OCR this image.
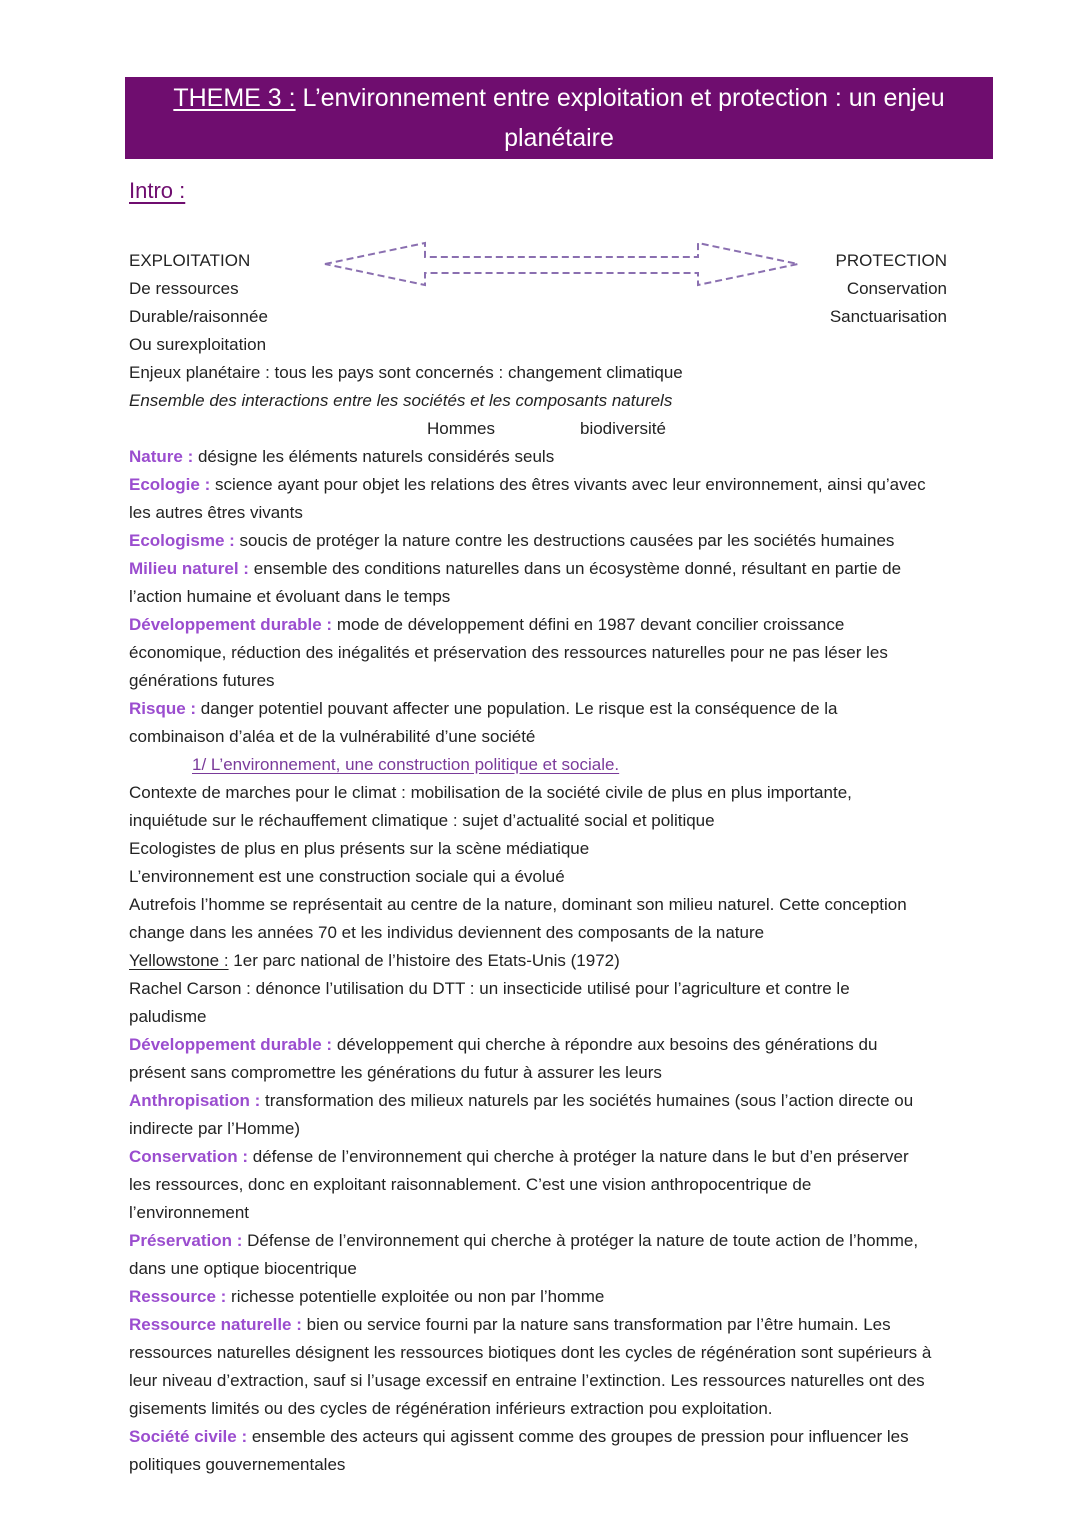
THEME 3 : L’environnement entre exploitation et protection : un enjeu
planétaire
Intro :
EXPLOITATION
De ressources
Durable/raisonnée
Ou surexploitation
PROTECTION
Conservation
Sanctuarisation
Enjeux planétaire : tous les pays sont concernés : changement climatique
Ensemble des interactions entre les sociétés et les composants naturels
Hommes	biodiversité
Nature : désigne les éléments naturels considérés seuls
Ecologie : science ayant pour objet les relations des êtres vivants avec leur environnement, ainsi qu’avec
les autres êtres vivants
Ecologisme : soucis de protéger la nature contre les destructions causées par les sociétés humaines
Milieu naturel : ensemble des conditions naturelles dans un écosystème donné, résultant en partie de
l’action humaine et évoluant dans le temps
Développement durable : mode de développement défini en 1987 devant concilier croissance
économique, réduction des inégalités et préservation des ressources naturelles pour ne pas léser les
générations futures
Risque : danger potentiel pouvant affecter une population. Le risque est la conséquence de la
combinaison d’aléa et de la vulnérabilité d’une société
1/ L’environnement, une construction politique et sociale.
Contexte de marches pour le climat : mobilisation de la société civile de plus en plus importante,
inquiétude sur le réchauffement climatique : sujet d’actualité social et politique
Ecologistes de plus en plus présents sur la scène médiatique
L’environnement est une construction sociale qui a évolué
Autrefois l’homme se représentait au centre de la nature, dominant son milieu naturel. Cette conception
change dans les années 70 et les individus deviennent des composants de la nature
Yellowstone : 1er parc national de l’histoire des Etats-Unis (1972)
Rachel Carson : dénonce l’utilisation du DTT : un insecticide utilisé pour l’agriculture et contre le
paludisme
Développement durable : développement qui cherche à répondre aux besoins des générations du
présent sans compromettre les générations du futur à assurer les leurs
Anthropisation : transformation des milieux naturels par les sociétés humaines (sous l’action directe ou
indirecte par l’Homme)
Conservation : défense de l’environnement qui cherche à protéger la nature dans le but d’en préserver
les ressources, donc en exploitant raisonnablement. C’est une vision anthropocentrique de
l’environnement
Préservation : Défense de l’environnement qui cherche à protéger la nature de toute action de l’homme,
dans une optique biocentrique
Ressource : richesse potentielle exploitée ou non par l’homme
Ressource naturelle : bien ou service fourni par la nature sans transformation par l’être humain. Les
ressources naturelles désignent les ressources biotiques dont les cycles de régénération sont supérieurs à
leur niveau d’extraction, sauf si l’usage excessif en entraine l’extinction. Les ressources naturelles ont des
gisements limités ou des cycles de régénération inférieurs extraction pou exploitation.
Société civile : ensemble des acteurs qui agissent comme des groupes de pression pour influencer les
politiques gouvernementales
